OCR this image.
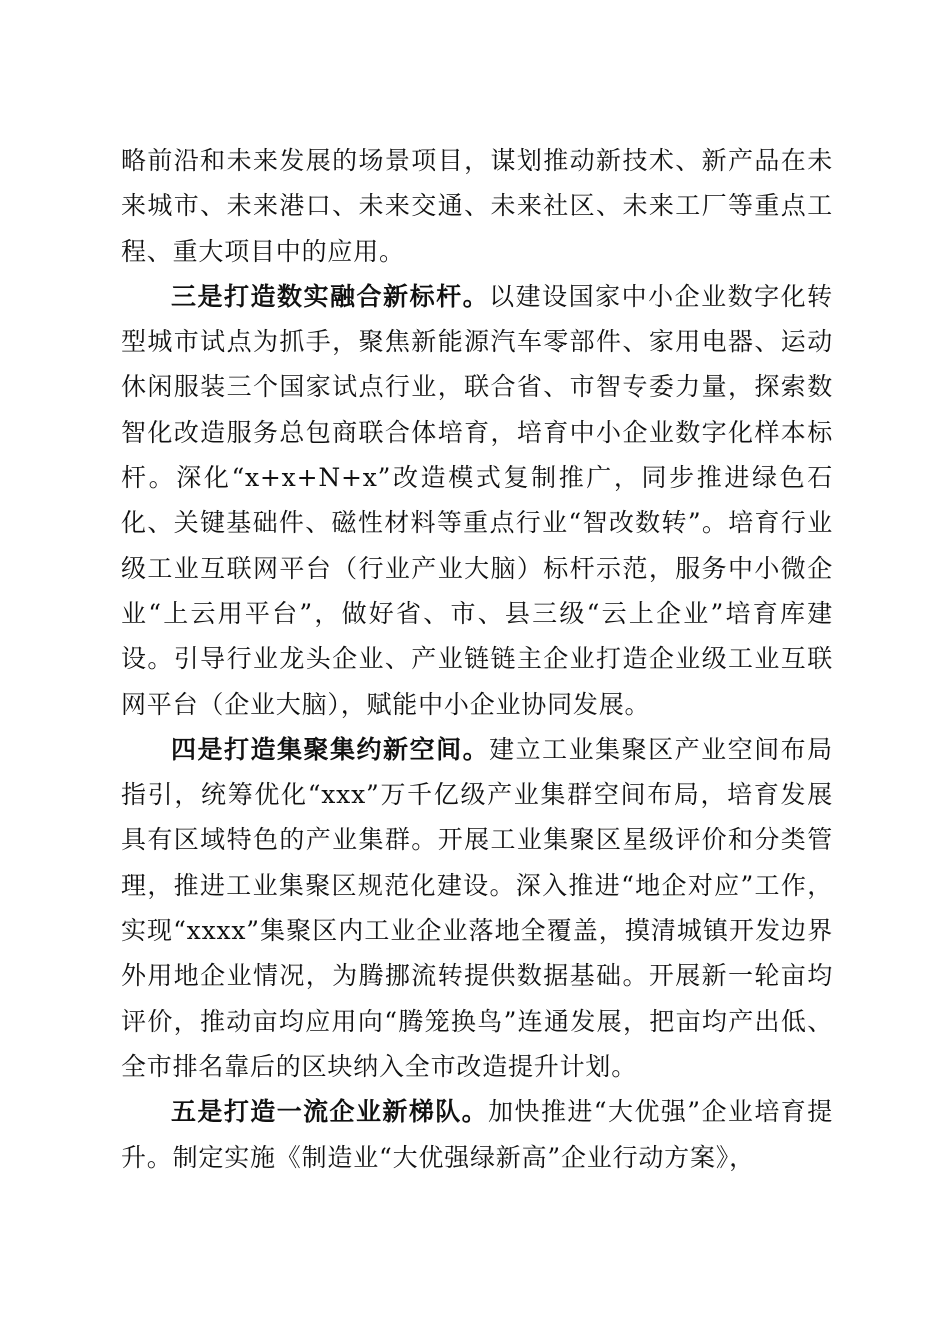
略前沿和未来发展的场景项目，谋划推动新技术、新产品在未来城市、未来港口、未来交通、未来社区、未来工厂等重点工程、重大项目中的应用。

三是打造数实融合新标杆。以建设国家中小企业数字化转型城市试点为抓手，聚焦新能源汽车零部件、家用电器、运动休闲服装三个国家试点行业，联合省、市智专委力量，探索数智化改造服务总包商联合体培育，培育中小企业数字化样本标杆。深化“x+x+N+x”改造模式复制推广，同步推进绿色石化、关键基础件、磁性材料等重点行业“智改数转”。培育行业级工业互联网平台（行业产业大脑）标杆示范，服务中小微企业“上云用平台”，做好省、市、县三级“云上企业”培育库建设。引导行业龙头企业、产业链链主企业打造企业级工业互联网平台（企业大脑），赋能中小企业协同发展。

四是打造集聚集约新空间。建立工业集聚区产业空间布局指引，统筹优化“xxx”万千亿级产业集群空间布局，培育发展具有区域特色的产业集群。开展工业集聚区星级评价和分类管理，推进工业集聚区规范化建设。深入推进“地企对应”工作，实现“xxxx”集聚区内工业企业落地全覆盖，摸清城镇开发边界外用地企业情况，为腾挪流转提供数据基础。开展新一轮亩均评价，推动亩均应用向“腾笼换鸟”连通发展，把亩均产出低、全市排名靠后的区块纳入全市改造提升计划。

五是打造一流企业新梯队。加快推进“大优强”企业培育提升。制定实施《制造业“大优强绿新高”企业行动方案》，
